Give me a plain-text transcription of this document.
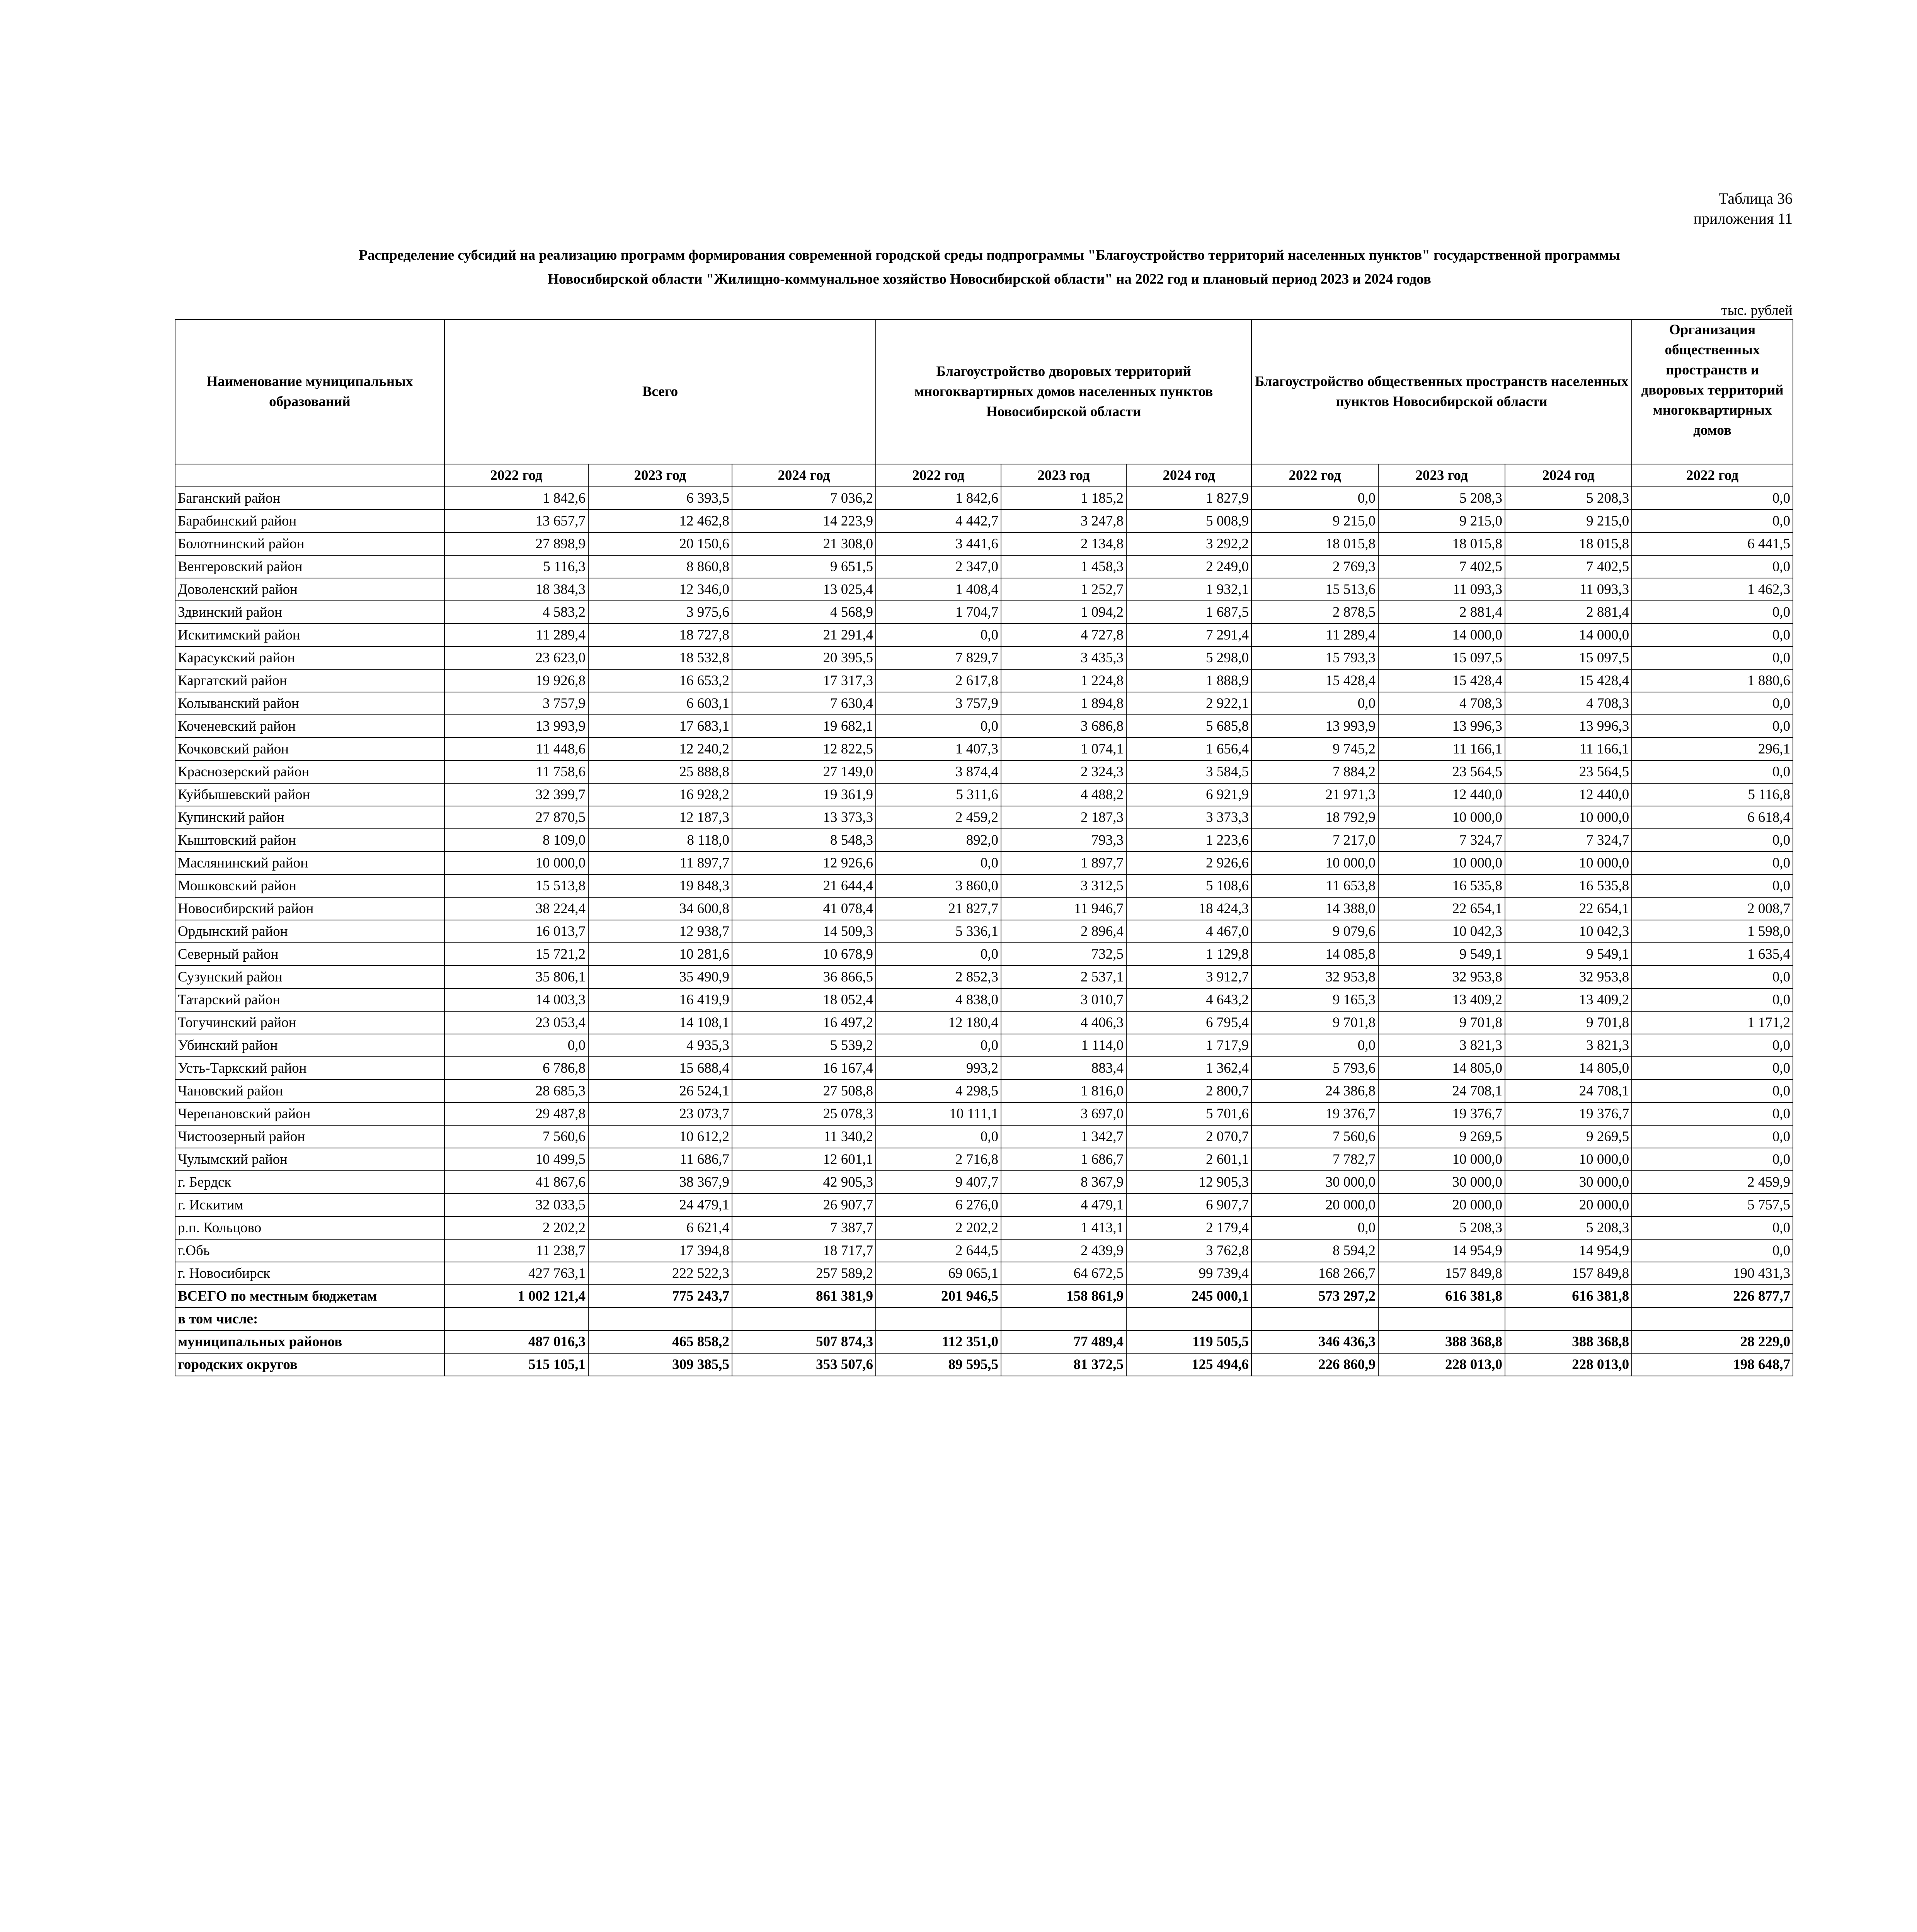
Таблица 36
приложения 11
Распределение субсидий на реализацию программ формирования современной городской среды подпрограммы "Благоустройство территорий населенных пунктов" государственной программы
Новосибирской области "Жилищно-коммунальное хозяйство Новосибирской области" на 2022 год и плановый период 2023 и 2024 годов
тыс. рублей
Наименование муниципальных образований	Всего			Благоустройство дворовых территорий многоквартирных домов населенных пунктов Новосибирской области			Благоустройство общественных пространств населенных пунктов Новосибирской области			Организация общественных пространств и дворовых территорий многоквартирных домов
	2022 год	2023 год	2024 год	2022 год	2023 год	2024 год	2022 год	2023 год	2024 год	2022 год
Баганский район	1 842,6	6 393,5	7 036,2	1 842,6	1 185,2	1 827,9	0,0	5 208,3	5 208,3	0,0
Барабинский район	13 657,7	12 462,8	14 223,9	4 442,7	3 247,8	5 008,9	9 215,0	9 215,0	9 215,0	0,0
Болотнинский район	27 898,9	20 150,6	21 308,0	3 441,6	2 134,8	3 292,2	18 015,8	18 015,8	18 015,8	6 441,5
Венгеровский район	5 116,3	8 860,8	9 651,5	2 347,0	1 458,3	2 249,0	2 769,3	7 402,5	7 402,5	0,0
Доволенский район	18 384,3	12 346,0	13 025,4	1 408,4	1 252,7	1 932,1	15 513,6	11 093,3	11 093,3	1 462,3
Здвинский район	4 583,2	3 975,6	4 568,9	1 704,7	1 094,2	1 687,5	2 878,5	2 881,4	2 881,4	0,0
Искитимский район	11 289,4	18 727,8	21 291,4	0,0	4 727,8	7 291,4	11 289,4	14 000,0	14 000,0	0,0
Карасукский район	23 623,0	18 532,8	20 395,5	7 829,7	3 435,3	5 298,0	15 793,3	15 097,5	15 097,5	0,0
Каргатский район	19 926,8	16 653,2	17 317,3	2 617,8	1 224,8	1 888,9	15 428,4	15 428,4	15 428,4	1 880,6
Колыванский район	3 757,9	6 603,1	7 630,4	3 757,9	1 894,8	2 922,1	0,0	4 708,3	4 708,3	0,0
Коченевский район	13 993,9	17 683,1	19 682,1	0,0	3 686,8	5 685,8	13 993,9	13 996,3	13 996,3	0,0
Кочковский район	11 448,6	12 240,2	12 822,5	1 407,3	1 074,1	1 656,4	9 745,2	11 166,1	11 166,1	296,1
Краснозерский район	11 758,6	25 888,8	27 149,0	3 874,4	2 324,3	3 584,5	7 884,2	23 564,5	23 564,5	0,0
Куйбышевский район	32 399,7	16 928,2	19 361,9	5 311,6	4 488,2	6 921,9	21 971,3	12 440,0	12 440,0	5 116,8
Купинский район	27 870,5	12 187,3	13 373,3	2 459,2	2 187,3	3 373,3	18 792,9	10 000,0	10 000,0	6 618,4
Кыштовский район	8 109,0	8 118,0	8 548,3	892,0	793,3	1 223,6	7 217,0	7 324,7	7 324,7	0,0
Маслянинский район	10 000,0	11 897,7	12 926,6	0,0	1 897,7	2 926,6	10 000,0	10 000,0	10 000,0	0,0
Мошковский район	15 513,8	19 848,3	21 644,4	3 860,0	3 312,5	5 108,6	11 653,8	16 535,8	16 535,8	0,0
Новосибирский район	38 224,4	34 600,8	41 078,4	21 827,7	11 946,7	18 424,3	14 388,0	22 654,1	22 654,1	2 008,7
Ордынский район	16 013,7	12 938,7	14 509,3	5 336,1	2 896,4	4 467,0	9 079,6	10 042,3	10 042,3	1 598,0
Северный район	15 721,2	10 281,6	10 678,9	0,0	732,5	1 129,8	14 085,8	9 549,1	9 549,1	1 635,4
Сузунский район	35 806,1	35 490,9	36 866,5	2 852,3	2 537,1	3 912,7	32 953,8	32 953,8	32 953,8	0,0
Татарский район	14 003,3	16 419,9	18 052,4	4 838,0	3 010,7	4 643,2	9 165,3	13 409,2	13 409,2	0,0
Тогучинский район	23 053,4	14 108,1	16 497,2	12 180,4	4 406,3	6 795,4	9 701,8	9 701,8	9 701,8	1 171,2
Убинский район	0,0	4 935,3	5 539,2	0,0	1 114,0	1 717,9	0,0	3 821,3	3 821,3	0,0
Усть-Таркский район	6 786,8	15 688,4	16 167,4	993,2	883,4	1 362,4	5 793,6	14 805,0	14 805,0	0,0
Чановский район	28 685,3	26 524,1	27 508,8	4 298,5	1 816,0	2 800,7	24 386,8	24 708,1	24 708,1	0,0
Черепановский район	29 487,8	23 073,7	25 078,3	10 111,1	3 697,0	5 701,6	19 376,7	19 376,7	19 376,7	0,0
Чистоозерный район	7 560,6	10 612,2	11 340,2	0,0	1 342,7	2 070,7	7 560,6	9 269,5	9 269,5	0,0
Чулымский район	10 499,5	11 686,7	12 601,1	2 716,8	1 686,7	2 601,1	7 782,7	10 000,0	10 000,0	0,0
г. Бердск	41 867,6	38 367,9	42 905,3	9 407,7	8 367,9	12 905,3	30 000,0	30 000,0	30 000,0	2 459,9
г. Искитим	32 033,5	24 479,1	26 907,7	6 276,0	4 479,1	6 907,7	20 000,0	20 000,0	20 000,0	5 757,5
р.п. Кольцово	2 202,2	6 621,4	7 387,7	2 202,2	1 413,1	2 179,4	0,0	5 208,3	5 208,3	0,0
г.Обь	11 238,7	17 394,8	18 717,7	2 644,5	2 439,9	3 762,8	8 594,2	14 954,9	14 954,9	0,0
г. Новосибирск	427 763,1	222 522,3	257 589,2	69 065,1	64 672,5	99 739,4	168 266,7	157 849,8	157 849,8	190 431,3
ВСЕГО по местным бюджетам	1 002 121,4	775 243,7	861 381,9	201 946,5	158 861,9	245 000,1	573 297,2	616 381,8	616 381,8	226 877,7
в том числе:										
муниципальных районов	487 016,3	465 858,2	507 874,3	112 351,0	77 489,4	119 505,5	346 436,3	388 368,8	388 368,8	28 229,0
городских округов	515 105,1	309 385,5	353 507,6	89 595,5	81 372,5	125 494,6	226 860,9	228 013,0	228 013,0	198 648,7
